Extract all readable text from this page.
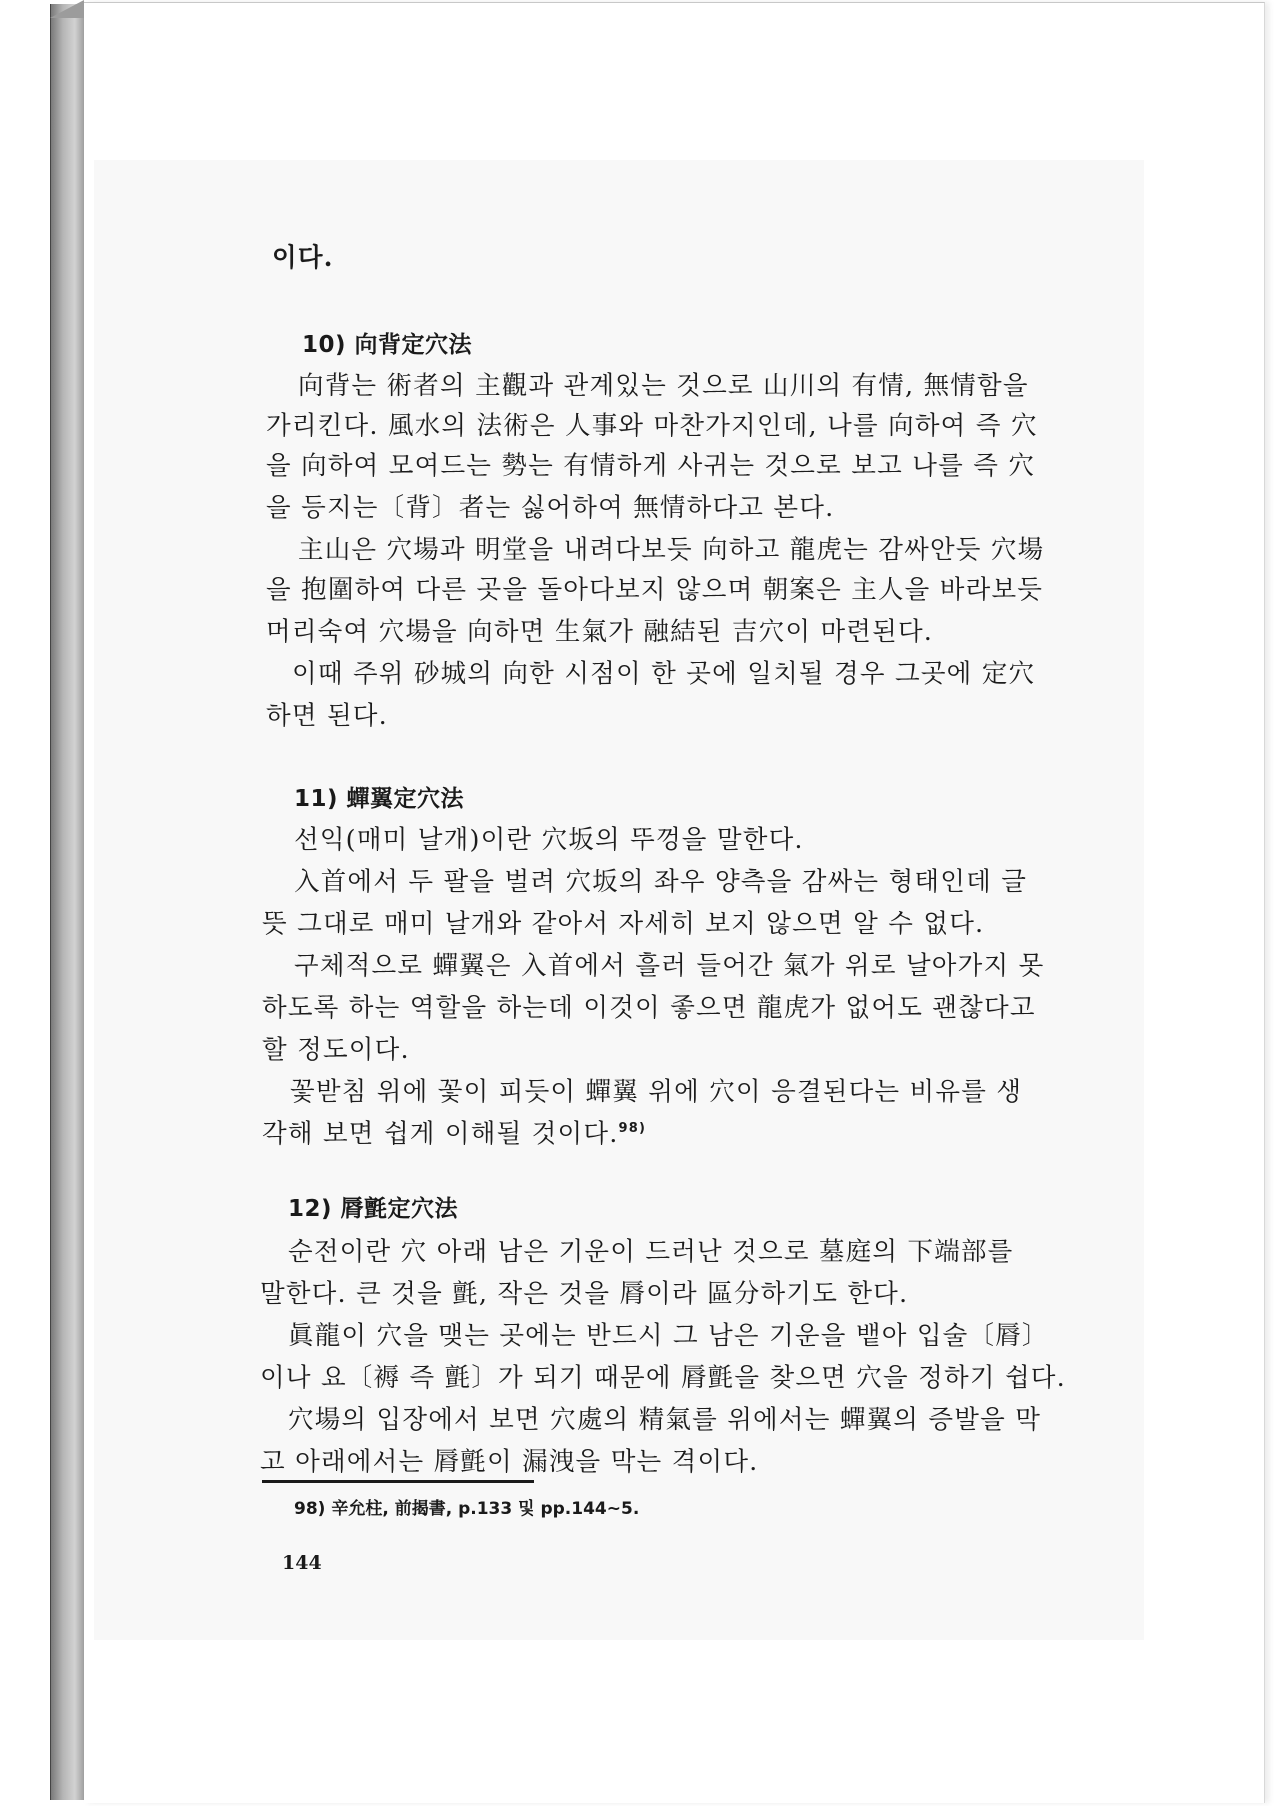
이다.
10) 向背定穴法
向背는 術者의 主觀과 관계있는 것으로 山川의 有情, 無情함을
가리킨다. 風水의 法術은 人事와 마찬가지인데, 나를 向하여 즉 穴
을 向하여 모여드는 勢는 有情하게 사귀는 것으로 보고 나를 즉 穴
을 등지는〔背〕者는 싫어하여 無情하다고 본다.
主山은 穴場과 明堂을 내려다보듯 向하고 龍虎는 감싸안듯 穴場
을 抱圍하여 다른 곳을 돌아다보지 않으며 朝案은 主人을 바라보듯
머리숙여 穴場을 向하면 生氣가 融結된 吉穴이 마련된다.
이때 주위 砂城의 向한 시점이 한 곳에 일치될 경우 그곳에 定穴
하면 된다.
11) 蟬翼定穴法
선익(매미 날개)이란 穴坂의 뚜껑을 말한다.
入首에서 두 팔을 벌려 穴坂의 좌우 양측을 감싸는 형태인데 글
뜻 그대로 매미 날개와 같아서 자세히 보지 않으면 알 수 없다.
구체적으로 蟬翼은 入首에서 흘러 들어간 氣가 위로 날아가지 못
하도록 하는 역할을 하는데 이것이 좋으면 龍虎가 없어도 괜찮다고
할 정도이다.
꽃받침 위에 꽃이 피듯이 蟬翼 위에 穴이 응결된다는 비유를 생
각해 보면 쉽게 이해될 것이다.$^{98)}$
12) 脣氈定穴法
순전이란 穴 아래 남은 기운이 드러난 것으로 墓庭의 下端部를
말한다. 큰 것을 氈, 작은 것을 脣이라 區分하기도 한다.
眞龍이 穴을 맺는 곳에는 반드시 그 남은 기운을 뱉아 입술〔脣〕
이나 요〔褥 즉 氈〕가 되기 때문에 脣氈을 찾으면 穴을 정하기 쉽다.
穴場의 입장에서 보면 穴處의 精氣를 위에서는 蟬翼의 증발을 막
고 아래에서는 脣氈이 漏洩을 막는 격이다.
98) 辛允柱, 前揭書, p.133 및 pp.144~5.
144
